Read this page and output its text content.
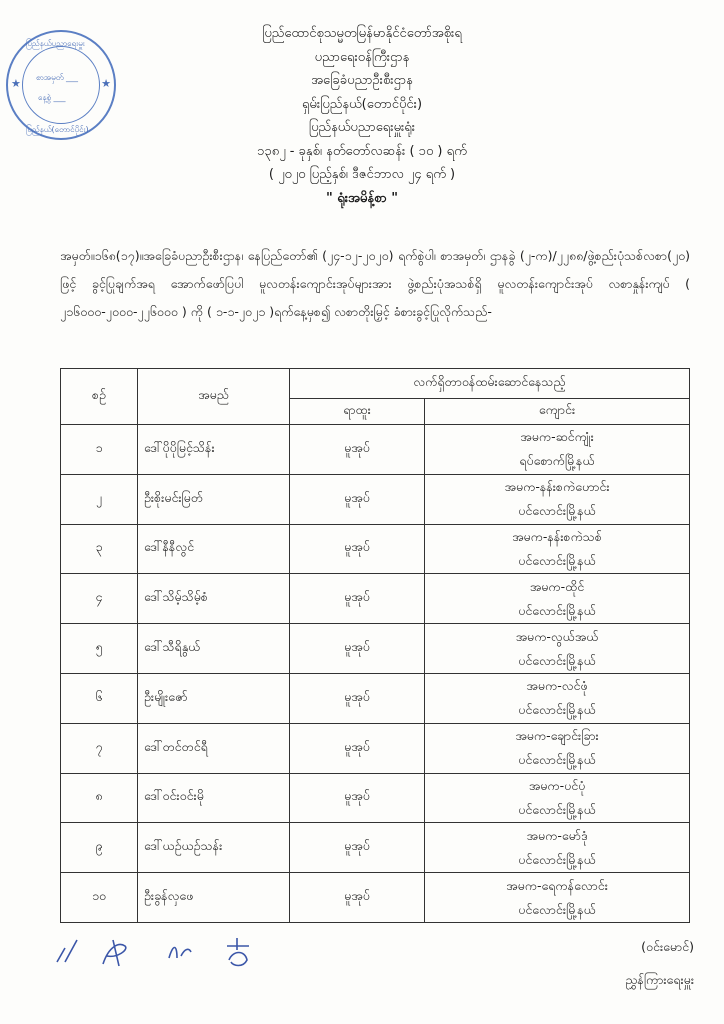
ပြည်နယ်ပညာရေးမှူး
★	★
စာအမှတ် ___
နေ့စွဲ ___
ပြည်နယ်(တောင်ပိုင်း)
ပြည်ထောင်စုသမ္မတမြန်မာနိုင်ငံတော်အစိုးရ
ပညာရေးဝန်ကြီးဌာန
အခြေခံပညာဦးစီးဌာန
ရှမ်းပြည်နယ်(တောင်ပိုင်း)
ပြည်နယ်ပညာရေးမှူးရုံး
၁၃၈၂ - ခုနှစ်၊ နတ်တော်လဆန်း ( ၁၀ ) ရက်
( ၂၀၂၀ ပြည့်နှစ်၊ ဒီဇင်ဘာလ ၂၄ ရက် )
" ရုံးအမိန့်စာ "
အမှတ်။၁၆၈(၁၇)။အခြေခံပညာဦးစီးဌာန၊ နေပြည်တော်၏ (၂၄-၁၂-၂၀၂၀) ရက်စွဲပါ၊ စာအမှတ်၊ ဌာနခွဲ (၂-က)/၂၂၈၈/ဖွဲ့စည်းပုံသစ်လစာ(၂၀) ဖြင့် ခွင့်ပြုချက်အရ အောက်ဖော်ပြပါ မူလတန်းကျောင်းအုပ်များအား ဖွဲ့စည်းပုံအသစ်ရှိ မူလတန်းကျောင်းအုပ် လစာနှုန်းကျပ် ( ၂၁၆၀၀၀-၂၀၀၀-၂၂၆၀၀၀ ) ကို ( ၁-၁-၂၀၂၁ )ရက်နေ့မှစ၍ လစာတိုးမြှင့် ခံစားခွင့်ပြုလိုက်သည်-
စဉ်	အမည်	လက်ရှိတာဝန်ထမ်းဆောင်နေသည့်	
		ရာထူး	ကျောင်း
၁	ဒေါ်ပိုပိုမြင့်သိန်း	မူအုပ်	အမက-ဆင်ကျုံး
ရပ်စောက်မြို့နယ်

၂	ဦးစိုးမင်းမြတ်	မူအုပ်	အမက-နန်းစကဲဟောင်း
ပင်လောင်းမြို့နယ်

၃	ဒေါ်နီနီလွင်	မူအုပ်	အမက-နန်းစကဲသစ်
ပင်လောင်းမြို့နယ်

၄	ဒေါ်သိမ့်သိမ့်စံ	မူအုပ်	အမက-ထိုင်
ပင်လောင်းမြို့နယ်

၅	ဒေါ်သီရိနွယ်	မူအုပ်	အမက-လွယ်အယ်
ပင်လောင်းမြို့နယ်

၆	ဦးမျိုးဇော်	မူအုပ်	အမက-လင်ဖုံ
ပင်လောင်းမြို့နယ်

၇	ဒေါ်တင်တင်ရီ	မူအုပ်	အမက-ချောင်းခြား
ပင်လောင်းမြို့နယ်

၈	ဒေါ်ဝင်းဝင်းမို	မူအုပ်	အမက-ပင်ပုံ
ပင်လောင်းမြို့နယ်

၉	ဒေါ်ယဉ်ယဉ်သန်း	မူအုပ်	အမက-မော်ဒုံ
ပင်လောင်းမြို့နယ်

၁၀	ဦးခွန်လှဖေ	မူအုပ်	အမက-ရေကန်လောင်း
ပင်လောင်းမြို့နယ်
(ဝင်းမောင်)
ညွှန်ကြားရေးမှူး
